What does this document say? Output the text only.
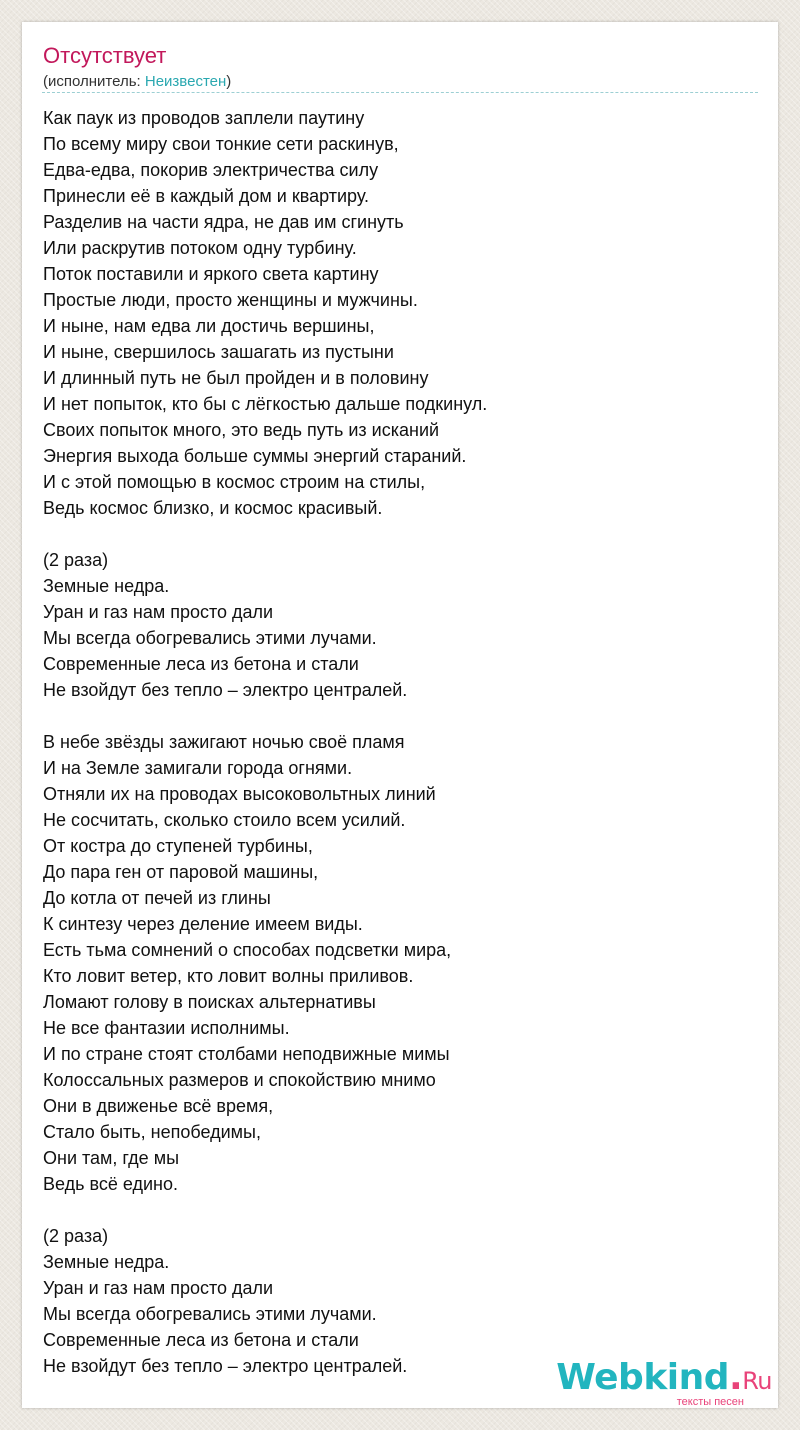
Отсутствует
(исполнитель: Неизвестен)
Как паук из проводов заплели паутину
По всему миру свои тонкие сети раскинув,
Едва-едва, покорив электричества силу
Принесли её в каждый дом и квартиру.
Разделив на части ядра, не дав им сгинуть
Или раскрутив потоком одну турбину.
Поток поставили и яркого света картину
Простые люди, просто женщины и мужчины.
И ныне, нам едва ли достичь вершины,
И ныне, свершилось зашагать из пустыни
И длинный путь не был пройден и в половину
И нет попыток, кто бы с лёгкостью дальше подкинул.
Своих попыток много, это ведь путь из исканий
Энергия выхода больше суммы энергий стараний.
И с этой помощью в космос строим на стилы,
Ведь космос близко, и космос красивый.
(2 раза)
Земные недра.
Уран и газ нам просто дали
Мы всегда обогревались этими лучами.
Современные леса из бетона и стали
Не взойдут без тепло – электро централей.
В небе звёзды зажигают ночью своё пламя
И на Земле замигали города огнями.
Отняли их на проводах высоковольтных линий
Не сосчитать, сколько стоило всем усилий.
От костра до ступеней турбины,
До пара ген от паровой машины,
До котла от печей из глины
К синтезу через деление имеем виды.
Есть тьма сомнений о способах подсветки мира,
Кто ловит ветер, кто ловит волны приливов.
Ломают голову в поисках альтернативы
Не все фантазии исполнимы.
И по стране стоят столбами неподвижные мимы
Колоссальных размеров и спокойствию мнимо
Они в движенье всё время,
Стало быть, непобедимы,
Они там, где мы
Ведь всё едино.
(2 раза)
Земные недра.
Уран и газ нам просто дали
Мы всегда обогревались этими лучами.
Современные леса из бетона и стали
Не взойдут без тепло – электро централей.	Webkind.Ru
тексты песен
